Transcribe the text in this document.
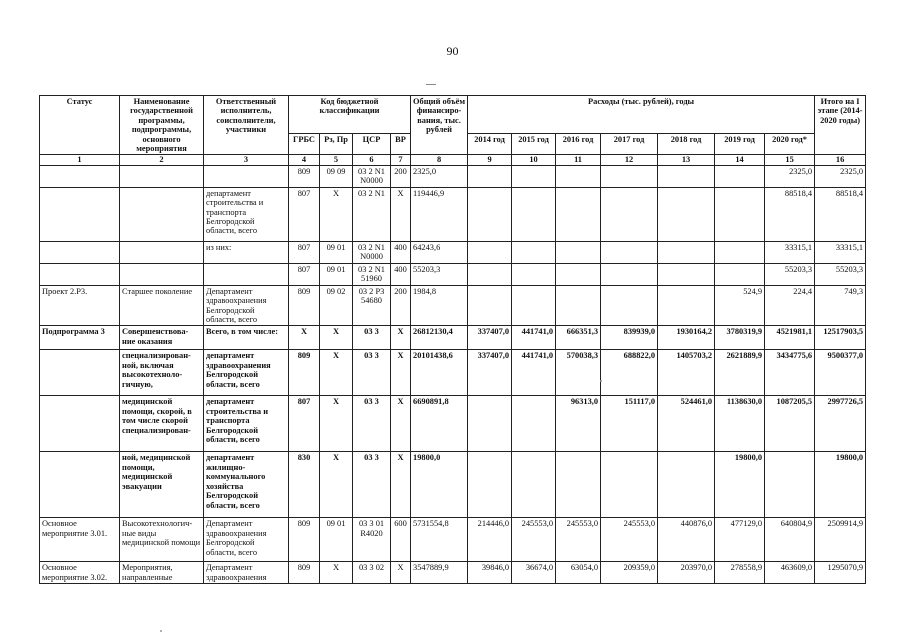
90
Статус	Наименование государственной программы, подпрограммы, основного мероприятия	Ответственный исполнитель, соисполнители, участники	Код бюджетной классификации				Общий объём финансиро-вания, тыс. рублей	Расходы (тыс. рублей), годы							Итого на I этапе (2014-2020 годы)
			ГРБС	Рз, Пр	ЦСР	ВР		2014 год	2015 год	2016 год	2017 год	2018 год	2019 год	2020 год*	
1	2	3	4	5	6	7	8	9	10	11	12	13	14	15	16
			809	09 09	03 2 N1 N0000	200	2325,0							2325,0	2325,0
		департамент строительства и транспорта Белгородской области, всего	807	Х	03 2 N1	Х	119446,9							88518,4	88518,4
		из них:	807	09 01	03 2 N1 N0000	400	64243,6							33315,1	33315,1
			807	09 01	03 2 N1 51960	400	55203,3							55203,3	55203,3
Проект 2.Р3.	Старшее поколение	Департамент здравоохранения Белгородской области, всего	809	09 02	03 2 Р3 54680	200	1984,8						524,9	224,4	749,3
Подпрограмма 3	Совершенствова-ние оказания	Всего, в том числе:	Х	Х	03 3	Х	26812130,4	337407,0	441741,0	666351,3	839939,0	1930164,2	3780319,9	4521981,1	12517903,5
	специализирован-ной, включая высокотехноло-гичную,	департамент здравоохранения Белгородской области, всего	809	Х	03 3	Х	20101438,6	337407,0	441741,0	570038,3	688822,0	1405703,2	2621889,9	3434775,6	9500377,0
	медицинской помощи, скорой, в том числе скорой специализирован-	департамент строительства и транспорта Белгородской области, всего	807	Х	03 3	Х	6690891,8			96313,0	151117,0	524461,0	1138630,0	1087205,5	2997726,5
	ной, медицинской помощи, медицинской эвакуации	департамент жилищно-коммунального хозяйства Белгородской области, всего	830	Х	03 3	Х	19800,0						19800,0		19800,0
Основное мероприятие 3.01.	Высокотехнологич-ные виды медицинской помощи	Департамент здравоохранения Белгородской области, всего	809	09 01	03 3 01 R4020	600	5731554,8	214446,0	245553,0	245553,0	245553,0	440876,0	477129,0	640804,9	2509914,9
Основное мероприятие 3.02.	Мероприятия, направленные	Департамент здравоохранения	809	Х	03 3 02	Х	3547889,9	39846,0	36674,0	63054,0	209359,0	203970,0	278558,9	463609,0	1295070,9
